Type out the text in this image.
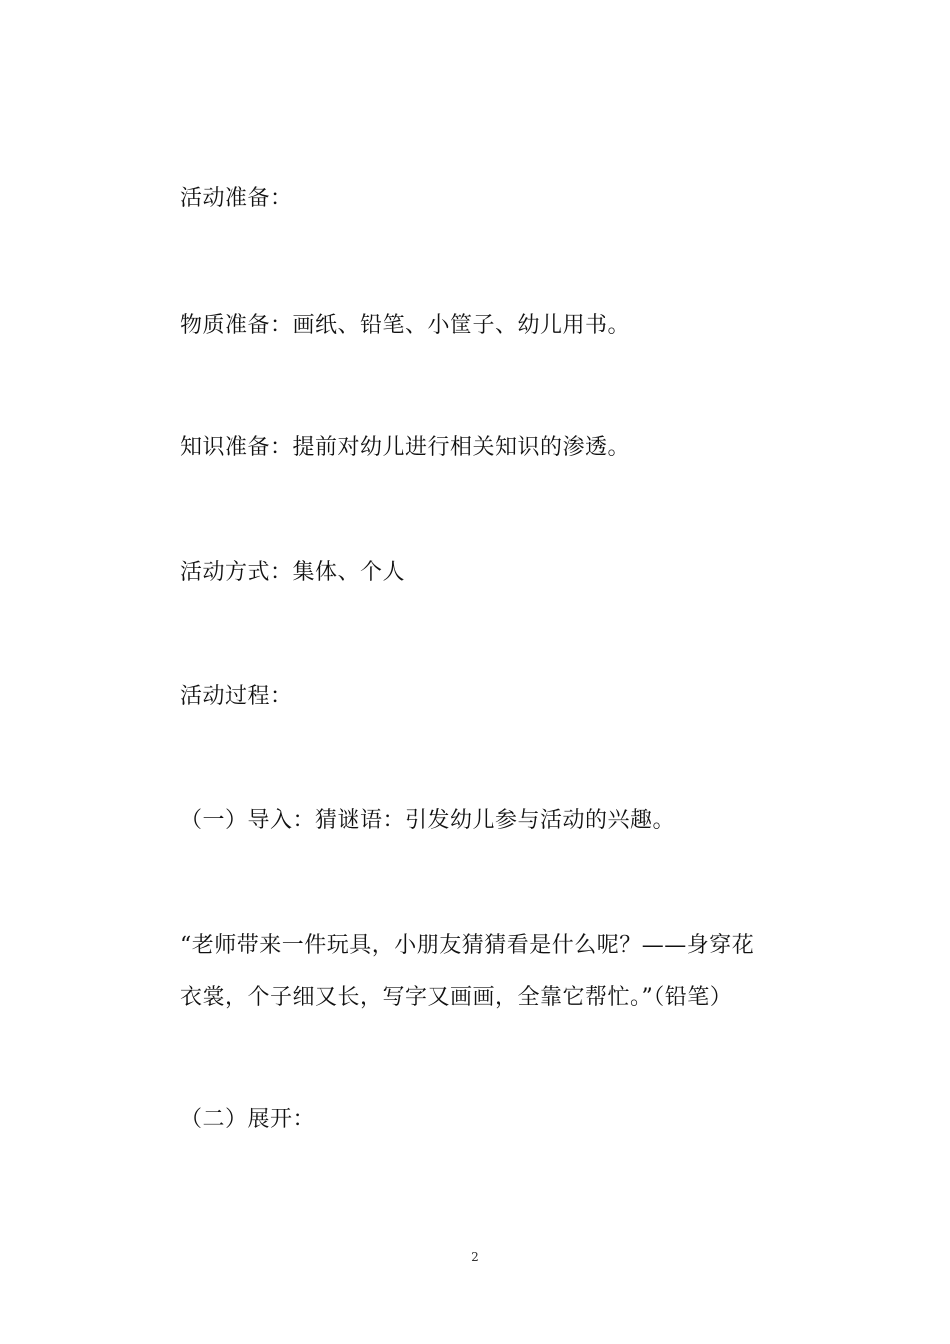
活动准备：
物质准备：画纸、铅笔、小筐子、幼儿用书。
知识准备：提前对幼儿进行相关知识的渗透。
活动方式：集体、个人
活动过程：
（一）导入：猜谜语：引发幼儿参与活动的兴趣。
“老师带来一件玩具，小朋友猜猜看是什么呢？——身穿花
衣裳，个子细又长，写字又画画，全靠它帮忙。”（铅笔）
（二）展开：
2
